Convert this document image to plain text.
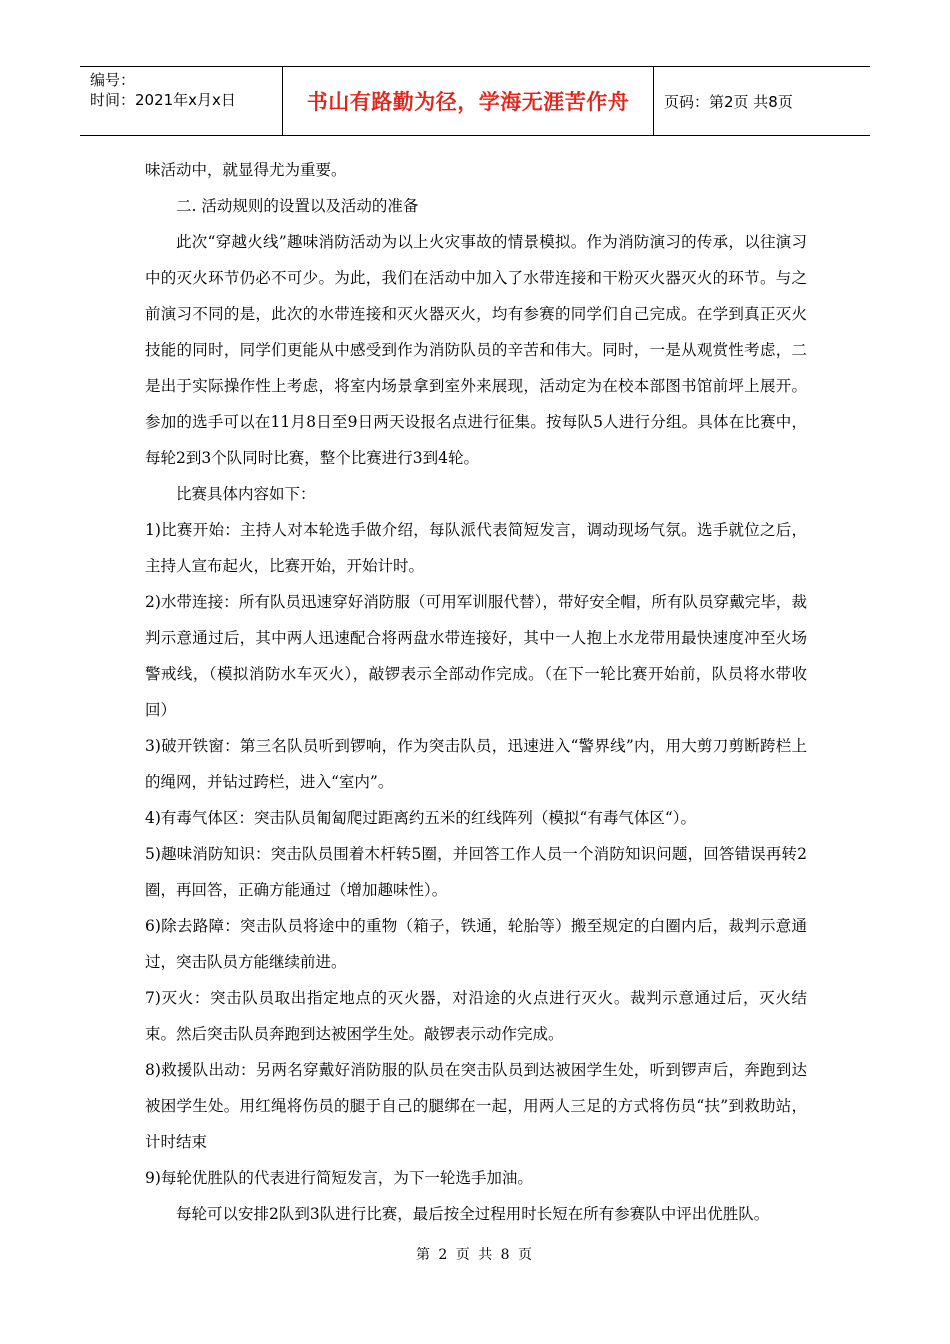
编号：
时间：2021年x月x日	书山有路勤为径，学海无涯苦作舟	页码：第2页 共8页

味活动中，就显得尤为重要。

二. 活动规则的设置以及活动的准备

此次“穿越火线”趣味消防活动为以上火灾事故的情景模拟。作为消防演习的传承，以往演习中的灭火环节仍必不可少。为此，我们在活动中加入了水带连接和干粉灭火器灭火的环节。与之前演习不同的是，此次的水带连接和灭火器灭火，均有参赛的同学们自己完成。在学到真正灭火技能的同时，同学们更能从中感受到作为消防队员的辛苦和伟大。同时，一是从观赏性考虑，二是出于实际操作性上考虑，将室内场景拿到室外来展现，活动定为在校本部图书馆前坪上展开。参加的选手可以在11月8日至9日两天设报名点进行征集。按每队5人进行分组。具体在比赛中，每轮2到3个队同时比赛，整个比赛进行3到4轮。

比赛具体内容如下：

1)比赛开始：主持人对本轮选手做介绍，每队派代表简短发言，调动现场气氛。选手就位之后，主持人宣布起火，比赛开始，开始计时。

2)水带连接：所有队员迅速穿好消防服（可用军训服代替），带好安全帽，所有队员穿戴完毕，裁判示意通过后，其中两人迅速配合将两盘水带连接好，其中一人抱上水龙带用最快速度冲至火场警戒线，（模拟消防水车灭火），敲锣表示全部动作完成。（在下一轮比赛开始前，队员将水带收回）

3)破开铁窗：第三名队员听到锣响，作为突击队员，迅速进入“警界线”内，用大剪刀剪断跨栏上的绳网，并钻过跨栏，进入“室内”。

4)有毒气体区：突击队员匍匐爬过距离约五米的红线阵列（模拟“有毒气体区“）。

5)趣味消防知识：突击队员围着木杆转5圈，并回答工作人员一个消防知识问题，回答错误再转2圈，再回答，正确方能通过（增加趣味性）。

6)除去路障：突击队员将途中的重物（箱子，铁通，轮胎等）搬至规定的白圈内后，裁判示意通过，突击队员方能继续前进。

7)灭火：突击队员取出指定地点的灭火器，对沿途的火点进行灭火。裁判示意通过后，灭火结束。然后突击队员奔跑到达被困学生处。敲锣表示动作完成。

8)救援队出动：另两名穿戴好消防服的队员在突击队员到达被困学生处，听到锣声后，奔跑到达被困学生处。用红绳将伤员的腿于自己的腿绑在一起，用两人三足的方式将伤员“扶”到救助站，计时结束

9)每轮优胜队的代表进行简短发言，为下一轮选手加油。

每轮可以安排2队到3队进行比赛，最后按全过程用时长短在所有参赛队中评出优胜队。

第 2 页 共 8 页
